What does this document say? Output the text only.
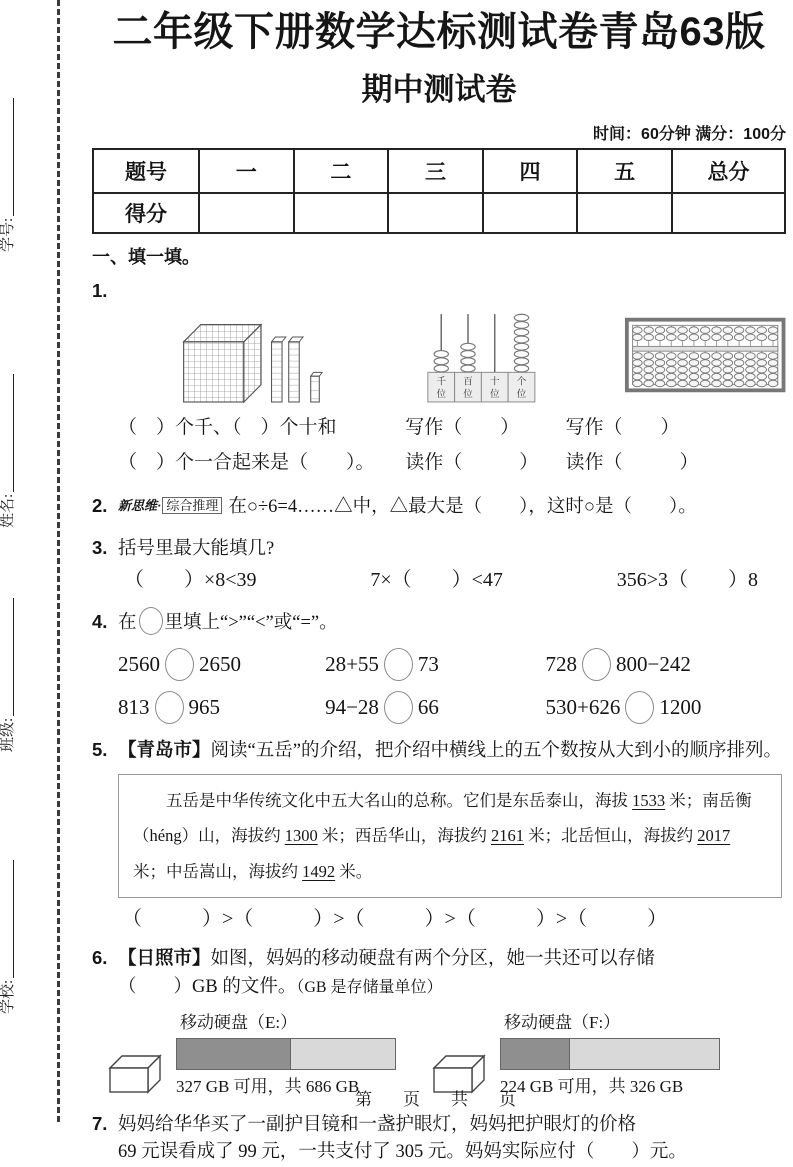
学号:
姓名:
班级:
学校:
二年级下册数学达标测试卷青岛63版
期中测试卷
时间：60分钟 满分：100分
题号	一	二	三	四	五	总分
得分						
一、填一填。
1.
千
位
百
位
十
位
个
位
（　）个千、（　）个十和	写作（　　）	写作（　　）
（　）个一合起来是（　　）。	读作（　　　）	读作（　　　）
2. 新思维· 综合推理 在○÷6=4……△中，△最大是（　　），这时○是（　　）。
3. 括号里最大能填几?
（　　）×8<39	7×（　　）<47	356>3（　　）8
4. 在 里填上“>”“<”或“=”。
2560 2650	28+55 73	728 800−242
813 965	94−28 66	530+626 1200
5. 【青岛市】阅读“五岳”的介绍，把介绍中横线上的五个数按从大到小的顺序排列。
五岳是中华传统文化中五大名山的总称。它们是东岳泰山，海拔 1533 米；南岳衡（héng）山，海拔约 1300 米；西岳华山，海拔约 2161 米；北岳恒山，海拔约 2017 米；中岳嵩山，海拔约 1492 米。
（　　　）>（　　　）>（　　　）>（　　　）>（　　　）
6. 【日照市】如图，妈妈的移动硬盘有两个分区，她一共还可以存储
（　　）GB 的文件。（GB 是存储量单位）
移动硬盘（E:）
327 GB 可用，共 686 GB
移动硬盘（F:）
224 GB 可用，共 326 GB
7. 妈妈给华华买了一副护目镜和一盏护眼灯，妈妈把护眼灯的价格
69 元误看成了 99 元，一共支付了 305 元。妈妈实际应付（　　）元。
第　页　共　页
